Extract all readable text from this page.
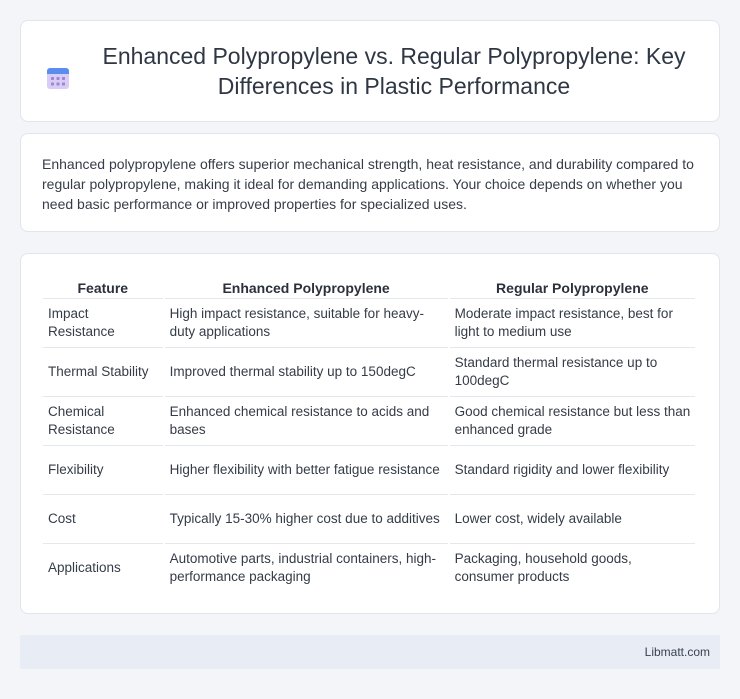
Enhanced Polypropylene vs. Regular Polypropylene: Key Differences in Plastic Performance

Enhanced polypropylene offers superior mechanical strength, heat resistance, and durability compared to regular polypropylene, making it ideal for demanding applications. Your choice depends on whether you need basic performance or improved properties for specialized uses.

Feature	Enhanced Polypropylene	Regular Polypropylene
Impact Resistance	High impact resistance, suitable for heavy-duty applications	Moderate impact resistance, best for light to medium use
Thermal Stability	Improved thermal stability up to 150degC	Standard thermal resistance up to 100degC
Chemical Resistance	Enhanced chemical resistance to acids and bases	Good chemical resistance but less than enhanced grade
Flexibility	Higher flexibility with better fatigue resistance	Standard rigidity and lower flexibility
Cost	Typically 15-30% higher cost due to additives	Lower cost, widely available
Applications	Automotive parts, industrial containers, high-performance packaging	Packaging, household goods, consumer products
Libmatt.com
